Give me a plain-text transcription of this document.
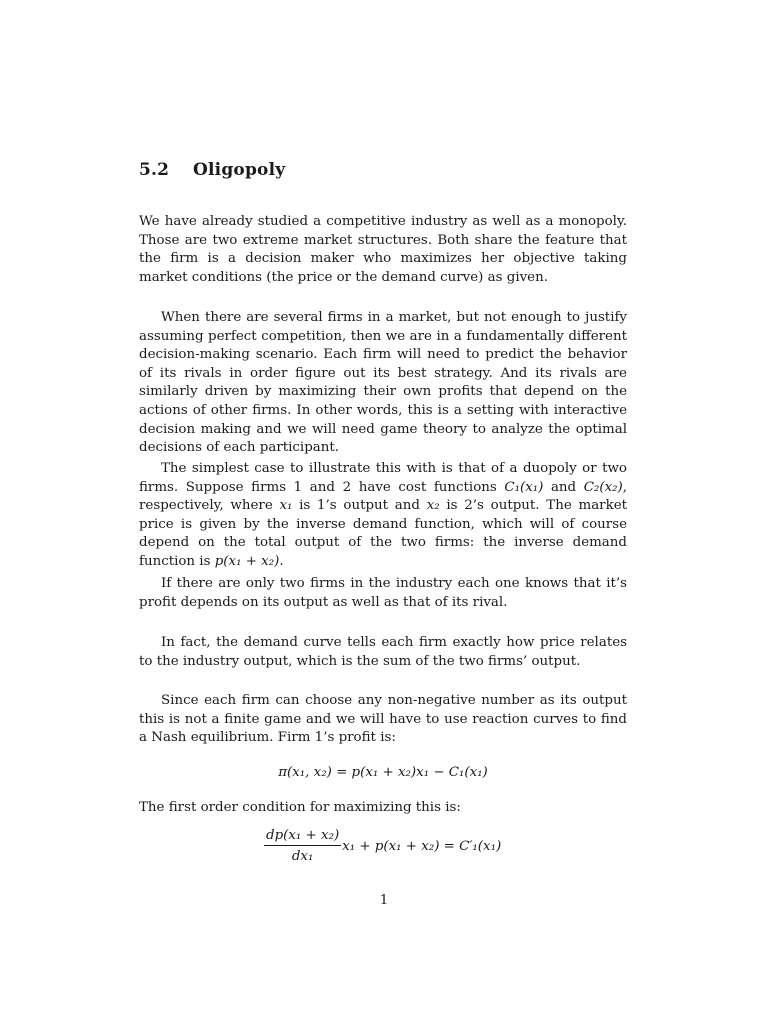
5.2 Oligopoly

We have already studied a competitive industry as well as a monopoly. Those are two extreme market structures. Both share the feature that the firm is a decision maker who maximizes her objective taking market conditions (the price or the demand curve) as given.

When there are several firms in a market, but not enough to justify assuming perfect competition, then we are in a fundamentally different decision-making scenario. Each firm will need to predict the behavior of its rivals in order figure out its best strategy. And its rivals are similarly driven by maximizing their own profits that depend on the actions of other firms. In other words, this is a setting with interactive decision making and we will need game theory to analyze the optimal decisions of each participant.

The simplest case to illustrate this with is that of a duopoly or two firms. Suppose firms 1 and 2 have cost functions C₁(x₁) and C₂(x₂), respectively, where x₁ is 1’s output and x₂ is 2’s output. The market price is given by the inverse demand function, which will of course depend on the total output of the two firms: the inverse demand function is p(x₁ + x₂).

If there are only two firms in the industry each one knows that it’s profit depends on its output as well as that of its rival.

In fact, the demand curve tells each firm exactly how price relates to the industry output, which is the sum of the two firms’ output.

Since each firm can choose any non-negative number as its output this is not a finite game and we will have to use reaction curves to find a Nash equilibrium. Firm 1’s profit is:

π(x₁, x₂) = p(x₁ + x₂)x₁ − C₁(x₁)

The first order condition for maximizing this is:

$\frac{\text{dp(x₁ + x₂)}}{\text{dx₁}} x_1 + p(x_1 + x_2) = C'_1(x_1)$
1
